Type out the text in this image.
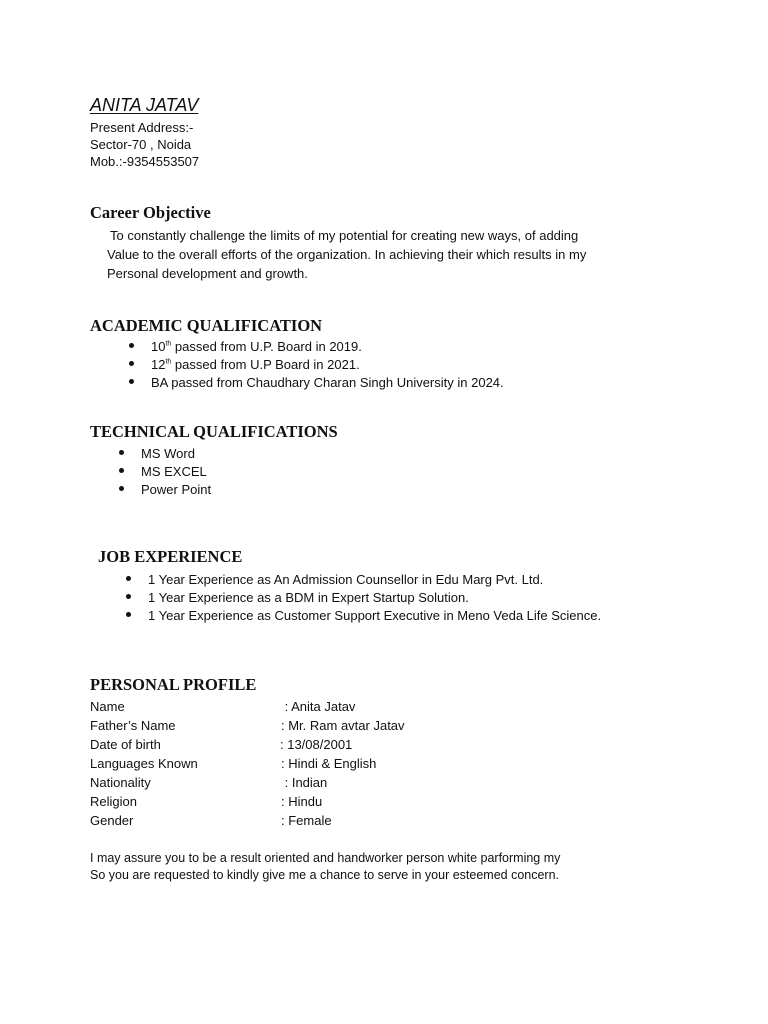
ANITA JATAV
Present Address:-
Sector-70 , Noida
Mob.:-9354553507
Career Objective
To constantly challenge the limits of my potential for creating new ways, of adding
Value to the overall efforts of the organization. In achieving their which results in my
Personal development and growth.
ACADEMIC QUALIFICATION
10th passed from U.P. Board in 2019.
12th passed from U.P Board in 2021.
BA passed from Chaudhary Charan Singh University in 2024.
TECHNICAL QUALIFICATIONS
MS Word
MS EXCEL
Power Point
JOB EXPERIENCE
1 Year Experience as An Admission Counsellor in Edu Marg Pvt. Ltd.
1 Year Experience as a BDM in Expert Startup Solution.
1 Year Experience as Customer Support Executive in Meno Veda Life Science.
PERSONAL PROFILE
Name	: Anita Jatav
Father’s Name	: Mr. Ram avtar Jatav
Date of birth	: 13/08/2001
Languages Known	: Hindi & English
Nationality	: Indian
Religion	: Hindu
Gender	: Female
I may assure you to be a result oriented and handworker person white parforming my
So you are requested to kindly give me a chance to serve in your esteemed concern.
